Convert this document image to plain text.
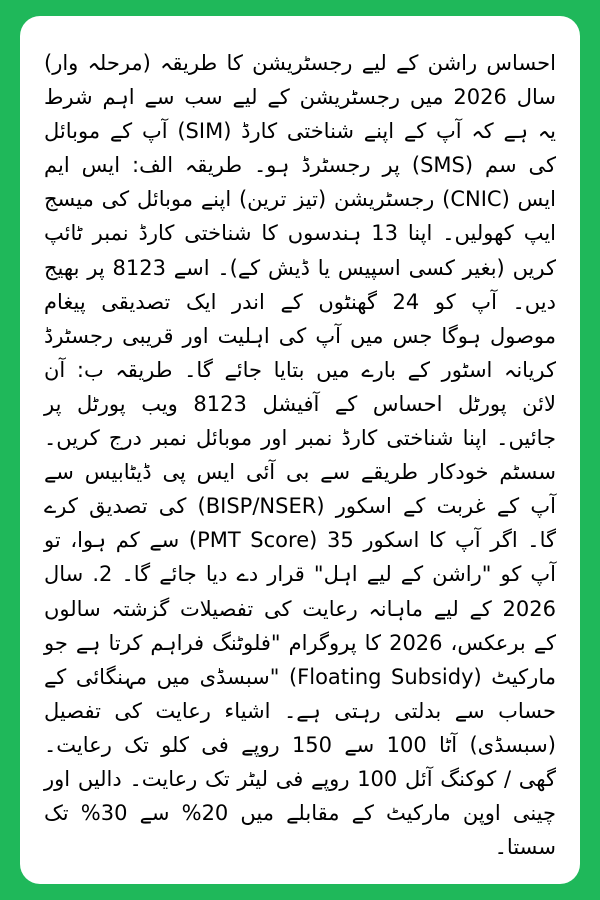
احساس راشن کے لیے رجسٹریشن کا طریقہ (مرحلہ وار) سال 2026 میں رجسٹریشن کے لیے سب سے اہم شرط یہ ہے کہ آپ کے اپنے شناختی کارڈ (SIM) آپ کے موبائل کی سم (SMS) پر رجسٹرڈ ہو۔ طریقہ الف: ایس ایم ایس (CNIC) رجسٹریشن (تیز ترین) اپنے موبائل کی میسج ایپ کھولیں۔ اپنا 13 ہندسوں کا شناختی کارڈ نمبر ٹائپ کریں (بغیر کسی اسپیس یا ڈیش کے)۔ اسے 8123 پر بھیج دیں۔ آپ کو 24 گھنٹوں کے اندر ایک تصدیقی پیغام موصول ہوگا جس میں آپ کی اہلیت اور قریبی رجسٹرڈ کریانہ اسٹور کے بارے میں بتایا جائے گا۔ طریقہ ب: آن لائن پورٹل احساس کے آفیشل 8123 ویب پورٹل پر جائیں۔ اپنا شناختی کارڈ نمبر اور موبائل نمبر درج کریں۔ سسٹم خودکار طریقے سے بی آئی ایس پی ڈیٹابیس سے آپ کے غربت کے اسکور (BISP/NSER) کی تصدیق کرے گا۔ اگر آپ کا اسکور 35 (PMT Score) سے کم ہوا، تو آپ کو "راشن کے لیے اہل" قرار دے دیا جائے گا۔ 2. سال 2026 کے لیے ماہانہ رعایت کی تفصیلات گزشتہ سالوں کے برعکس، 2026 کا پروگرام "فلوٹنگ فراہم کرتا ہے جو مارکیٹ (Floating Subsidy) "سبسڈی میں مہنگائی کے حساب سے بدلتی رہتی ہے۔ اشیاء رعایت کی تفصیل (سبسڈی) آٹا 100 سے 150 روپے فی کلو تک رعایت۔ گھی / کوکنگ آئل 100 روپے فی لیٹر تک رعایت۔ دالیں اور چینی اوپن مارکیٹ کے مقابلے میں 20% سے 30% تک سستا۔
